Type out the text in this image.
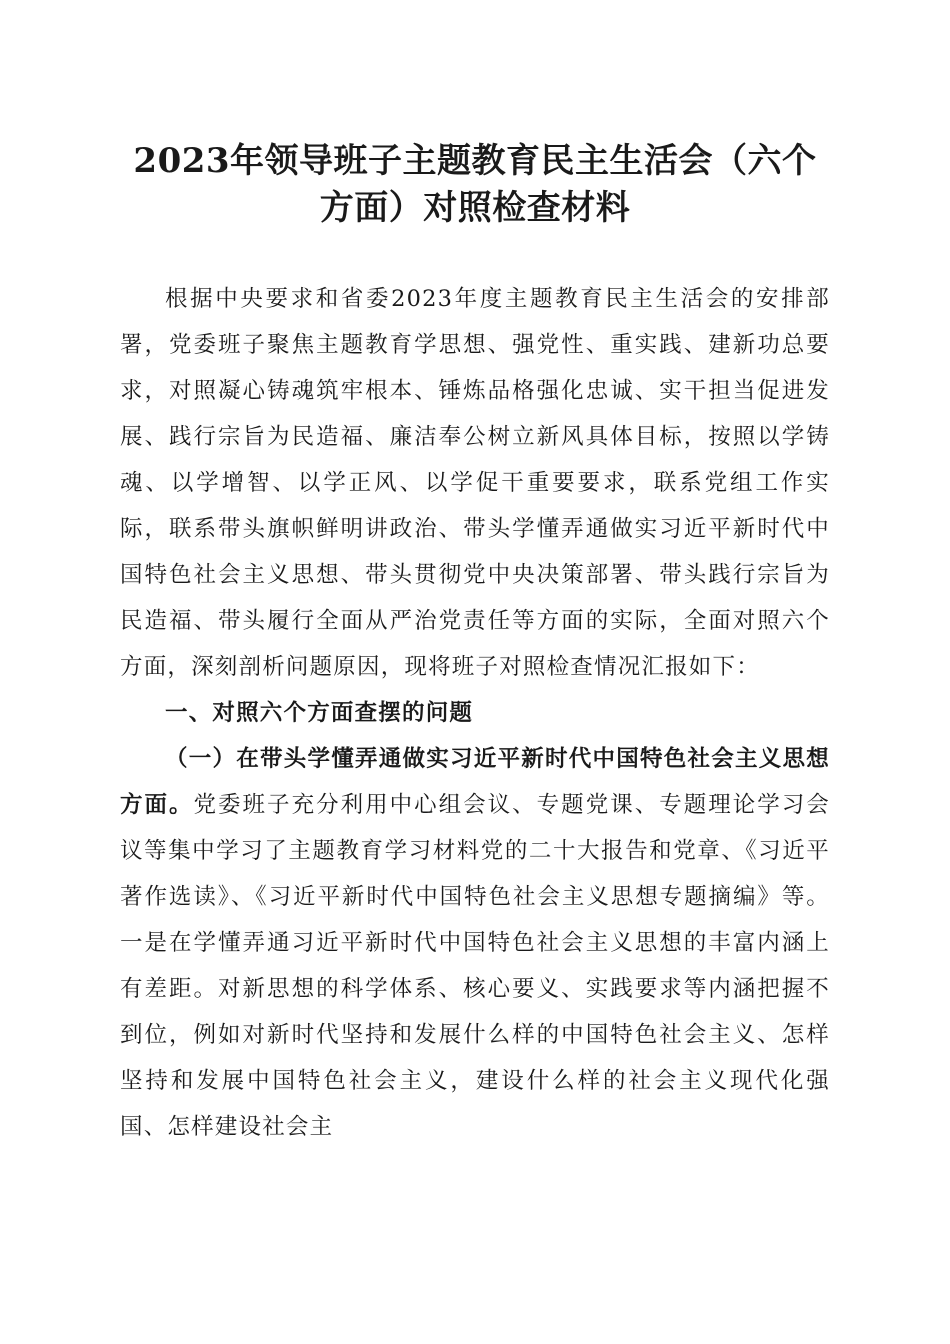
2023年领导班子主题教育民主生活会（六个方面）对照检查材料

根据中央要求和省委2023年度主题教育民主生活会的安排部署，党委班子聚焦主题教育学思想、强党性、重实践、建新功总要求，对照凝心铸魂筑牢根本、锤炼品格强化忠诚、实干担当促进发展、践行宗旨为民造福、廉洁奉公树立新风具体目标，按照以学铸魂、以学增智、以学正风、以学促干重要要求，联系党组工作实际，联系带头旗帜鲜明讲政治、带头学懂弄通做实习近平新时代中国特色社会主义思想、带头贯彻党中央决策部署、带头践行宗旨为民造福、带头履行全面从严治党责任等方面的实际，全面对照六个方面，深刻剖析问题原因，现将班子对照检查情况汇报如下：

一、对照六个方面查摆的问题

（一）在带头学懂弄通做实习近平新时代中国特色社会主义思想方面。党委班子充分利用中心组会议、专题党课、专题理论学习会议等集中学习了主题教育学习材料党的二十大报告和党章、《习近平著作选读》、《习近平新时代中国特色社会主义思想专题摘编》等。一是在学懂弄通习近平新时代中国特色社会主义思想的丰富内涵上有差距。对新思想的科学体系、核心要义、实践要求等内涵把握不到位，例如对新时代坚持和发展什么样的中国特色社会主义、怎样坚持和发展中国特色社会主义，建设什么样的社会主义现代化强国、怎样建设社会主
